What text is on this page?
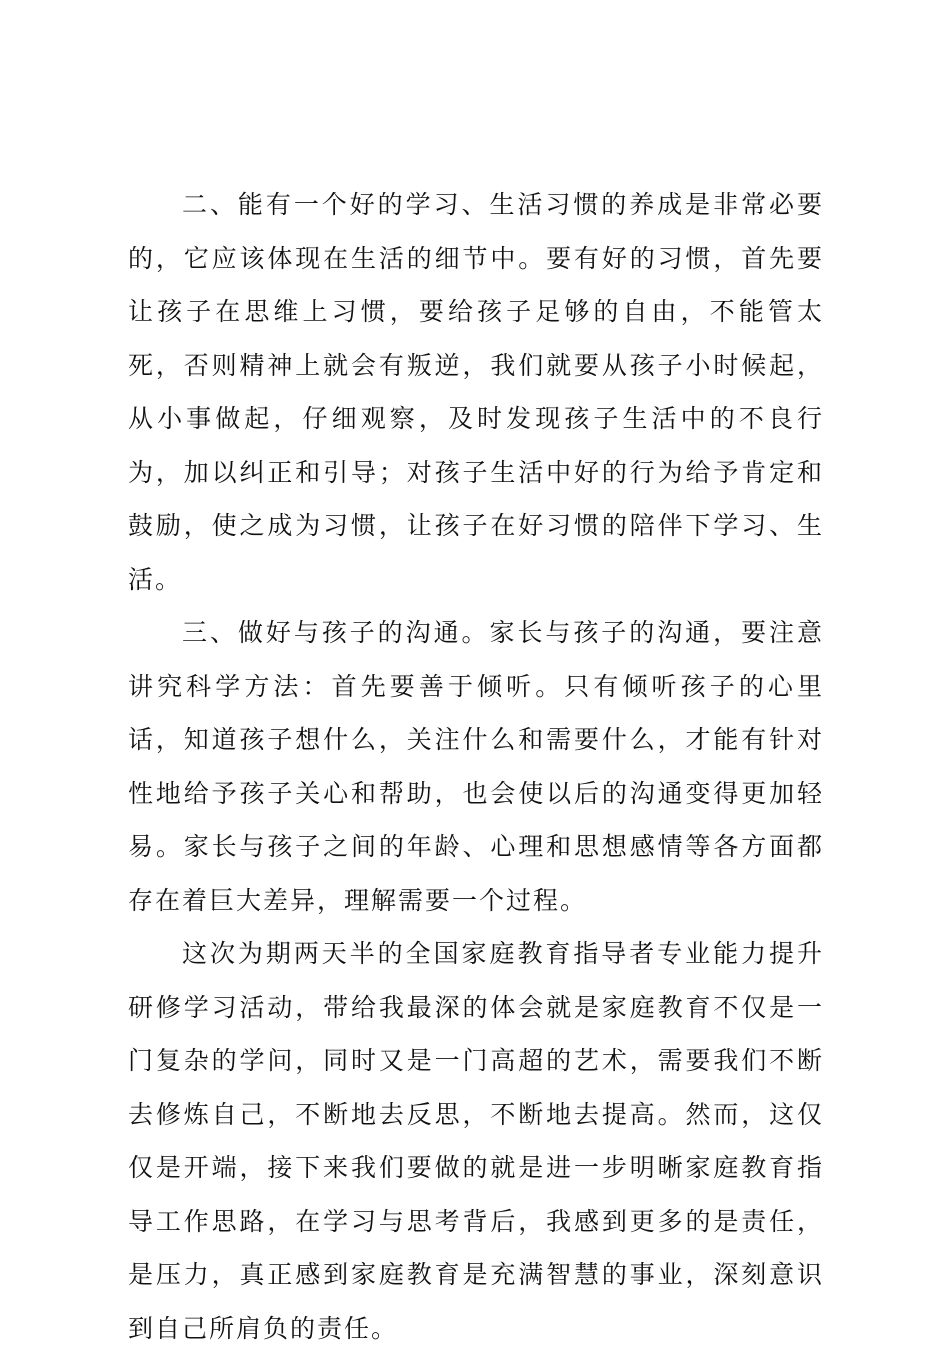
二、能有一个好的学习、生活习惯的养成是非常必要的，它应该体现在生活的细节中。要有好的习惯，首先要让孩子在思维上习惯，要给孩子足够的自由，不能管太死，否则精神上就会有叛逆，我们就要从孩子小时候起，从小事做起，仔细观察，及时发现孩子生活中的不良行为，加以纠正和引导；对孩子生活中好的行为给予肯定和鼓励，使之成为习惯，让孩子在好习惯的陪伴下学习、生活。

三、做好与孩子的沟通。家长与孩子的沟通，要注意讲究科学方法：首先要善于倾听。只有倾听孩子的心里话，知道孩子想什么，关注什么和需要什么，才能有针对性地给予孩子关心和帮助，也会使以后的沟通变得更加轻易。家长与孩子之间的年龄、心理和思想感情等各方面都存在着巨大差异，理解需要一个过程。

这次为期两天半的全国家庭教育指导者专业能力提升研修学习活动，带给我最深的体会就是家庭教育不仅是一门复杂的学问，同时又是一门高超的艺术，需要我们不断去修炼自己，不断地去反思，不断地去提高。然而，这仅仅是开端，接下来我们要做的就是进一步明晰家庭教育指导工作思路，在学习与思考背后，我感到更多的是责任，是压力，真正感到家庭教育是充满智慧的事业，深刻意识到自己所肩负的责任。
